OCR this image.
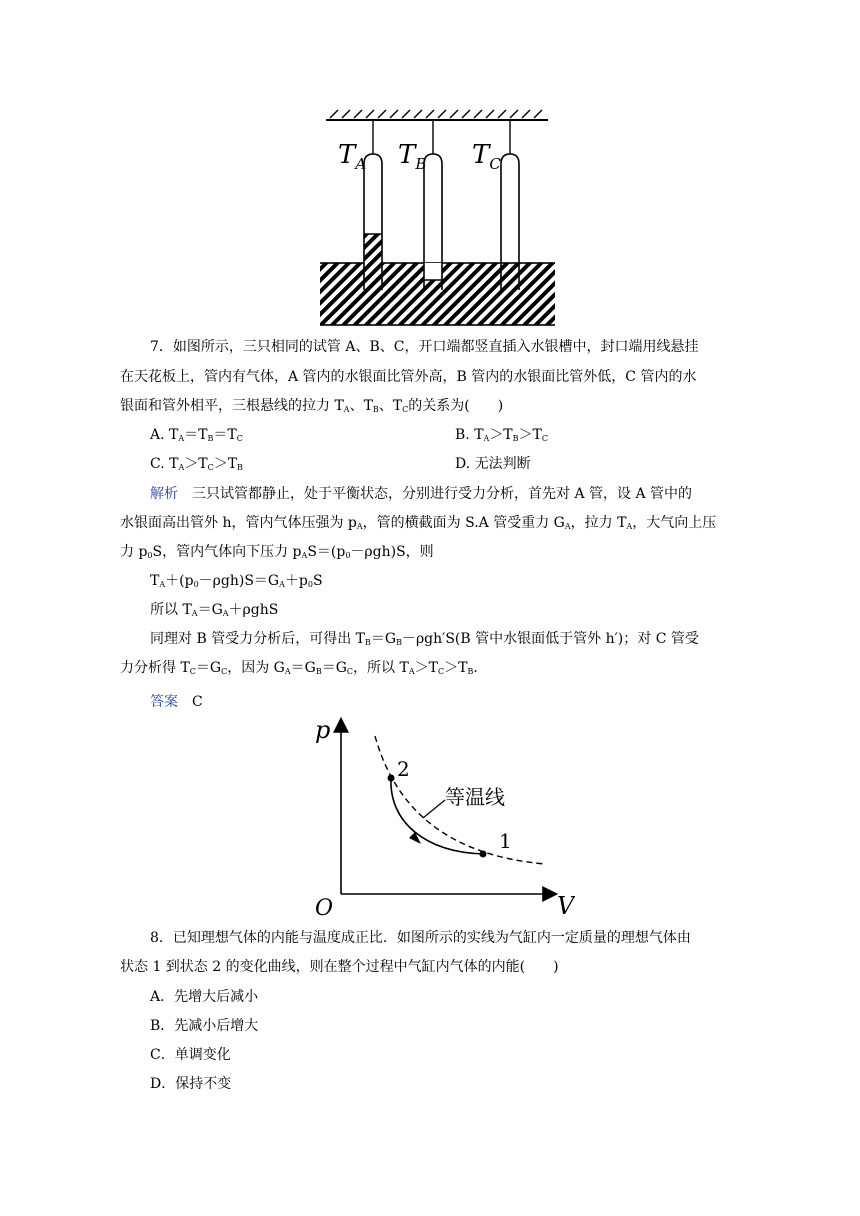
$T_A$ $T_B$ $T_C$
7．如图所示，三只相同的试管 A、B、C，开口端都竖直插入水银槽中，封口端用线悬挂
在天花板上，管内有气体，A 管内的水银面比管外高，B 管内的水银面比管外低，C 管内的水
银面和管外相平，三根悬线的拉力 $T_A$、$T_B$、$T_C$的关系为(　　)
A. $T_A=T_B=T_C$	B. $T_A>T_B>T_C$
C. $T_A>T_C>T_B$	D. 无法判断
解析　三只试管都静止，处于平衡状态，分别进行受力分析，首先对 A 管，设 A 管中的
水银面高出管外 h，管内气体压强为 $p_A$，管的横截面为 S.A 管受重力 $G_A$，拉力 $T_A$，大气向上压
力 $p_0S$，管内气体向下压力 $p_AS=(p_0-\rho gh)S$，则
$T_A+(p_0-\rho gh)S=G_A+p_0S$
所以 $T_A=G_A+\rho ghS$
同理对 B 管受力分析后，可得出 $T_B=G_B-\rho gh'S(B$ 管中水银面低于管外 h′)；对 C 管受
力分析得 $T_C=G_C$，因为 $G_A=G_B=G_C$，所以 $T_A>T_C>T_B$.
答案　 C
p
V
O
1
2
等温线
8．已知理想气体的内能与温度成正比．如图所示的实线为气缸内一定质量的理想气体由
状态 1 到状态 2 的变化曲线，则在整个过程中气缸内气体的内能(　　)
A．先增大后减小
B．先减小后增大
C．单调变化
D．保持不变
